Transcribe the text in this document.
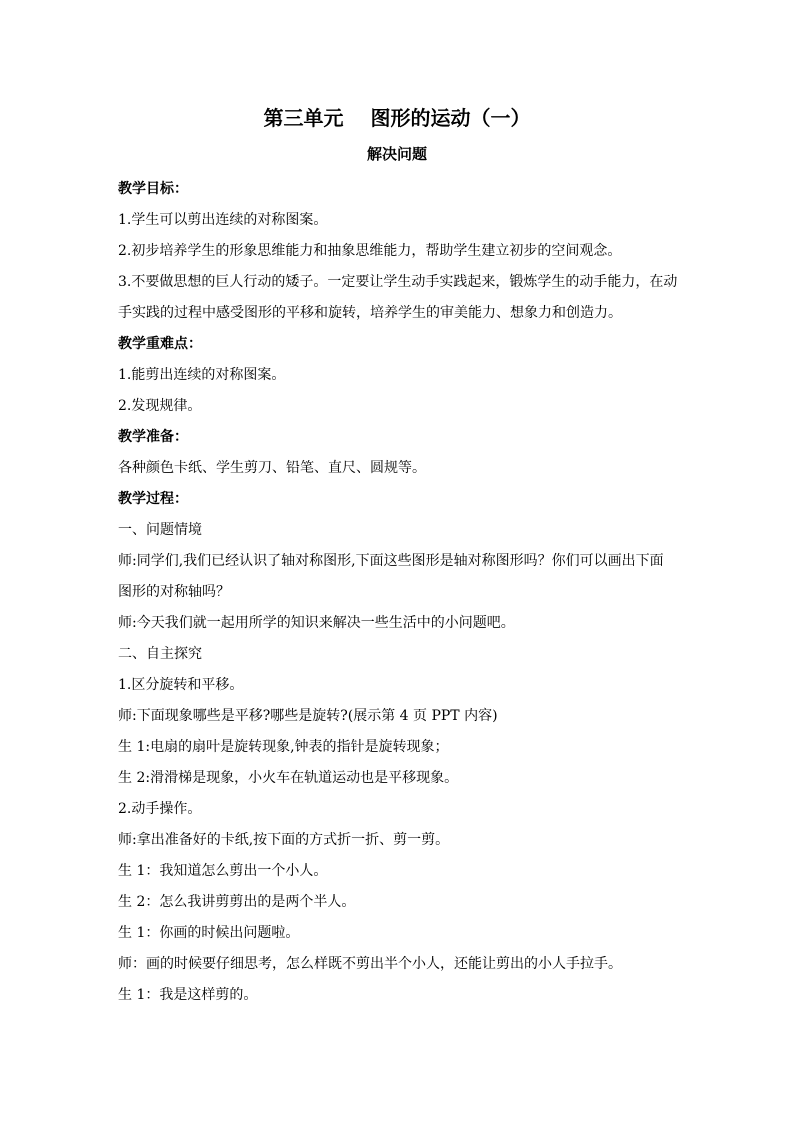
第三单元　 图形的运动（一）
解决问题
教学目标：
1.学生可以剪出连续的对称图案。
2.初步培养学生的形象思维能力和抽象思维能力，帮助学生建立初步的空间观念。
3.不要做思想的巨人行动的矮子。一定要让学生动手实践起来，锻炼学生的动手能力，在动
手实践的过程中感受图形的平移和旋转，培养学生的审美能力、想象力和创造力。
教学重难点：
1.能剪出连续的对称图案。
2.发现规律。
教学准备：
各种颜色卡纸、学生剪刀、铅笔、直尺、圆规等。
教学过程：
一、问题情境
师:同学们,我们已经认识了轴对称图形,下面这些图形是轴对称图形吗？你们可以画出下面
图形的对称轴吗？
师:今天我们就一起用所学的知识来解决一些生活中的小问题吧。
二、自主探究
1.区分旋转和平移。
师:下面现象哪些是平移?哪些是旋转?(展示第 4 页 PPT 内容)
生 1:电扇的扇叶是旋转现象,钟表的指针是旋转现象；
生 2:滑滑梯是现象，小火车在轨道运动也是平移现象。
2.动手操作。
师:拿出准备好的卡纸,按下面的方式折一折、剪一剪。
生 1：我知道怎么剪出一个小人。
生 2：怎么我讲剪剪出的是两个半人。
生 1：你画的时候出问题啦。
师：画的时候要仔细思考，怎么样既不剪出半个小人，还能让剪出的小人手拉手。
生 1：我是这样剪的。
